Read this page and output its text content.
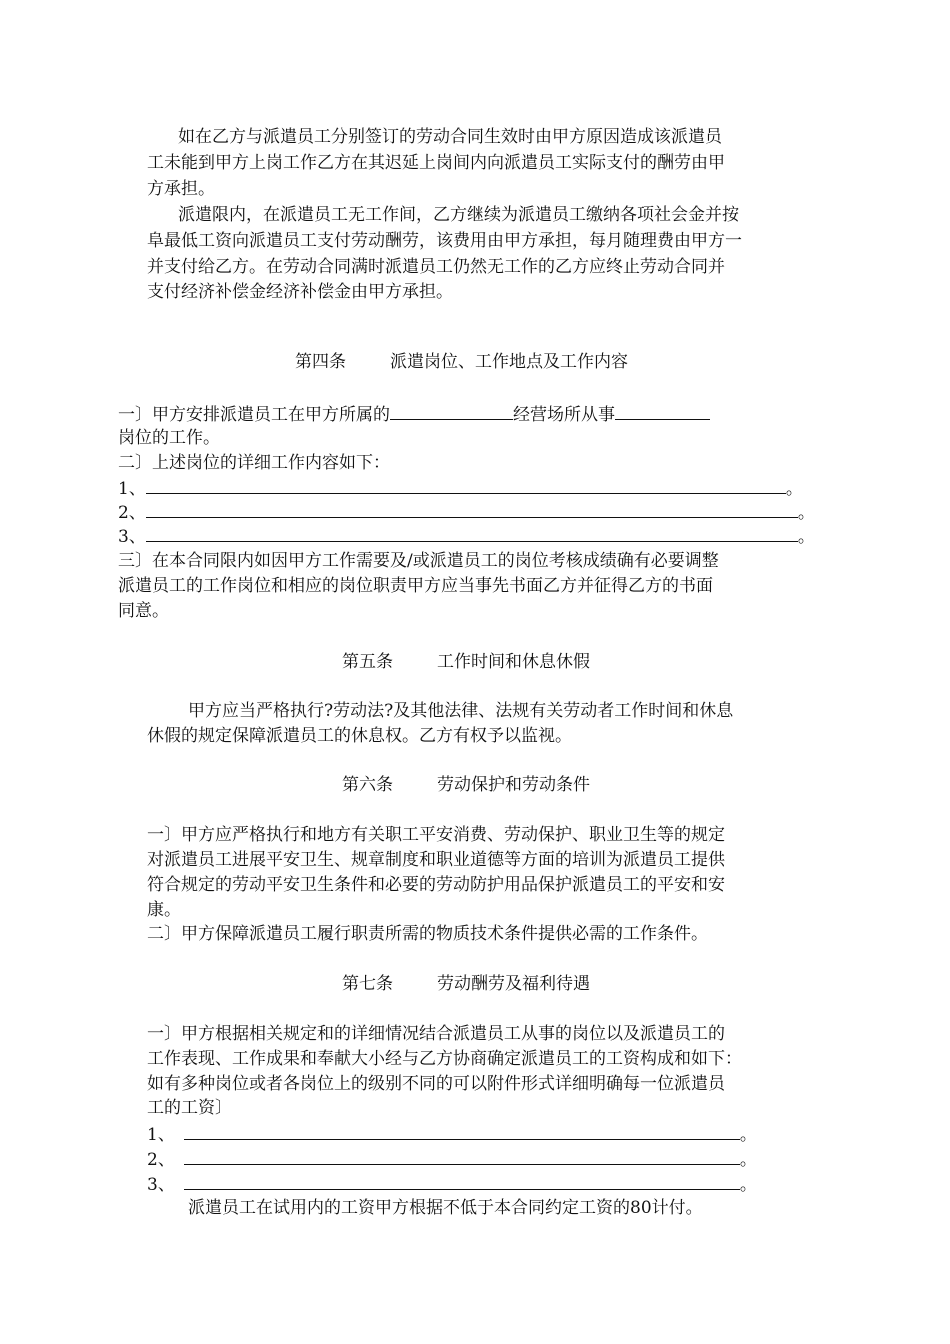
如在乙方与派遣员工分别签订的劳动合同生效时由甲方原因造成该派遣员
工未能到甲方上岗工作乙方在其迟延上岗间内向派遣员工实际支付的酬劳由甲
方承担。
派遣限内，在派遣员工无工作间，乙方继续为派遣员工缴纳各项社会金并按
阜最低工资向派遣员工支付劳动酬劳，该费用由甲方承担，每月随理费由甲方一
并支付给乙方。在劳动合同满时派遣员工仍然无工作的乙方应终止劳动合同并
支付经济补偿金经济补偿金由甲方承担。
第四条	派遣岗位、工作地点及工作内容
一〕甲方安排派遣员工在甲方所属的	经营场所从事
岗位的工作。
二〕上述岗位的详细工作内容如下：
1、	。
2、	。
3、	。
三〕在本合同限内如因甲方工作需要及/或派遣员工的岗位考核成绩确有必要调整
派遣员工的工作岗位和相应的岗位职责甲方应当事先书面乙方并征得乙方的书面
同意。
第五条	工作时间和休息休假
甲方应当严格执行?劳动法?及其他法律、法规有关劳动者工作时间和休息
休假的规定保障派遣员工的休息权。乙方有权予以监视。
第六条	劳动保护和劳动条件
一〕甲方应严格执行和地方有关职工平安消费、劳动保护、职业卫生等的规定
对派遣员工进展平安卫生、规章制度和职业道德等方面的培训为派遣员工提供
符合规定的劳动平安卫生条件和必要的劳动防护用品保护派遣员工的平安和安
康。
二〕甲方保障派遣员工履行职责所需的物质技术条件提供必需的工作条件。
第七条	劳动酬劳及福利待遇
一〕甲方根据相关规定和的详细情况结合派遣员工从事的岗位以及派遣员工的
工作表现、工作成果和奉献大小经与乙方协商确定派遣员工的工资构成和如下：
如有多种岗位或者各岗位上的级别不同的可以附件形式详细明确每一位派遣员
工的工资〕
1、	。
2、	。
3、	。
派遣员工在试用内的工资甲方根据不低于本合同约定工资的80计付。
